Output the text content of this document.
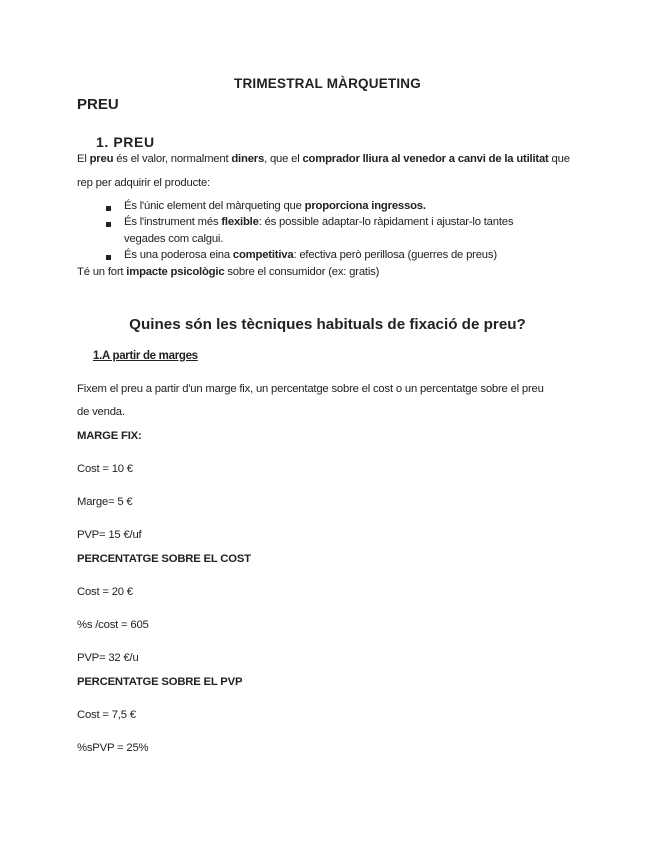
TRIMESTRAL MÀRQUETING
PREU
1. PREU
El preu és el valor, normalment diners, que el comprador lliura al venedor a canvi de la utilitat que
rep per adquirir el producte:
És l'únic element del màrqueting que proporciona ingressos.
És l'instrument més flexible: és possible adaptar-lo ràpidament i ajustar-lo tantes
vegades com calgui.
És una poderosa eina competitiva: efectiva però perillosa (guerres de preus)
Té un fort impacte psicològic sobre el consumidor (ex: gratis)
Quines són les tècniques habituals de fixació de preu?
1.A partir de marges
Fixem el preu a partir d'un marge fix, un percentatge sobre el cost o un percentatge sobre el preu
de venda.
MARGE FIX:
Cost = 10 €
Marge= 5 €
PVP= 15 €/uf
PERCENTATGE SOBRE EL COST
Cost = 20 €
%s /cost = 605
PVP= 32 €/u
PERCENTATGE SOBRE EL PVP
Cost = 7,5 €
%sPVP = 25%
